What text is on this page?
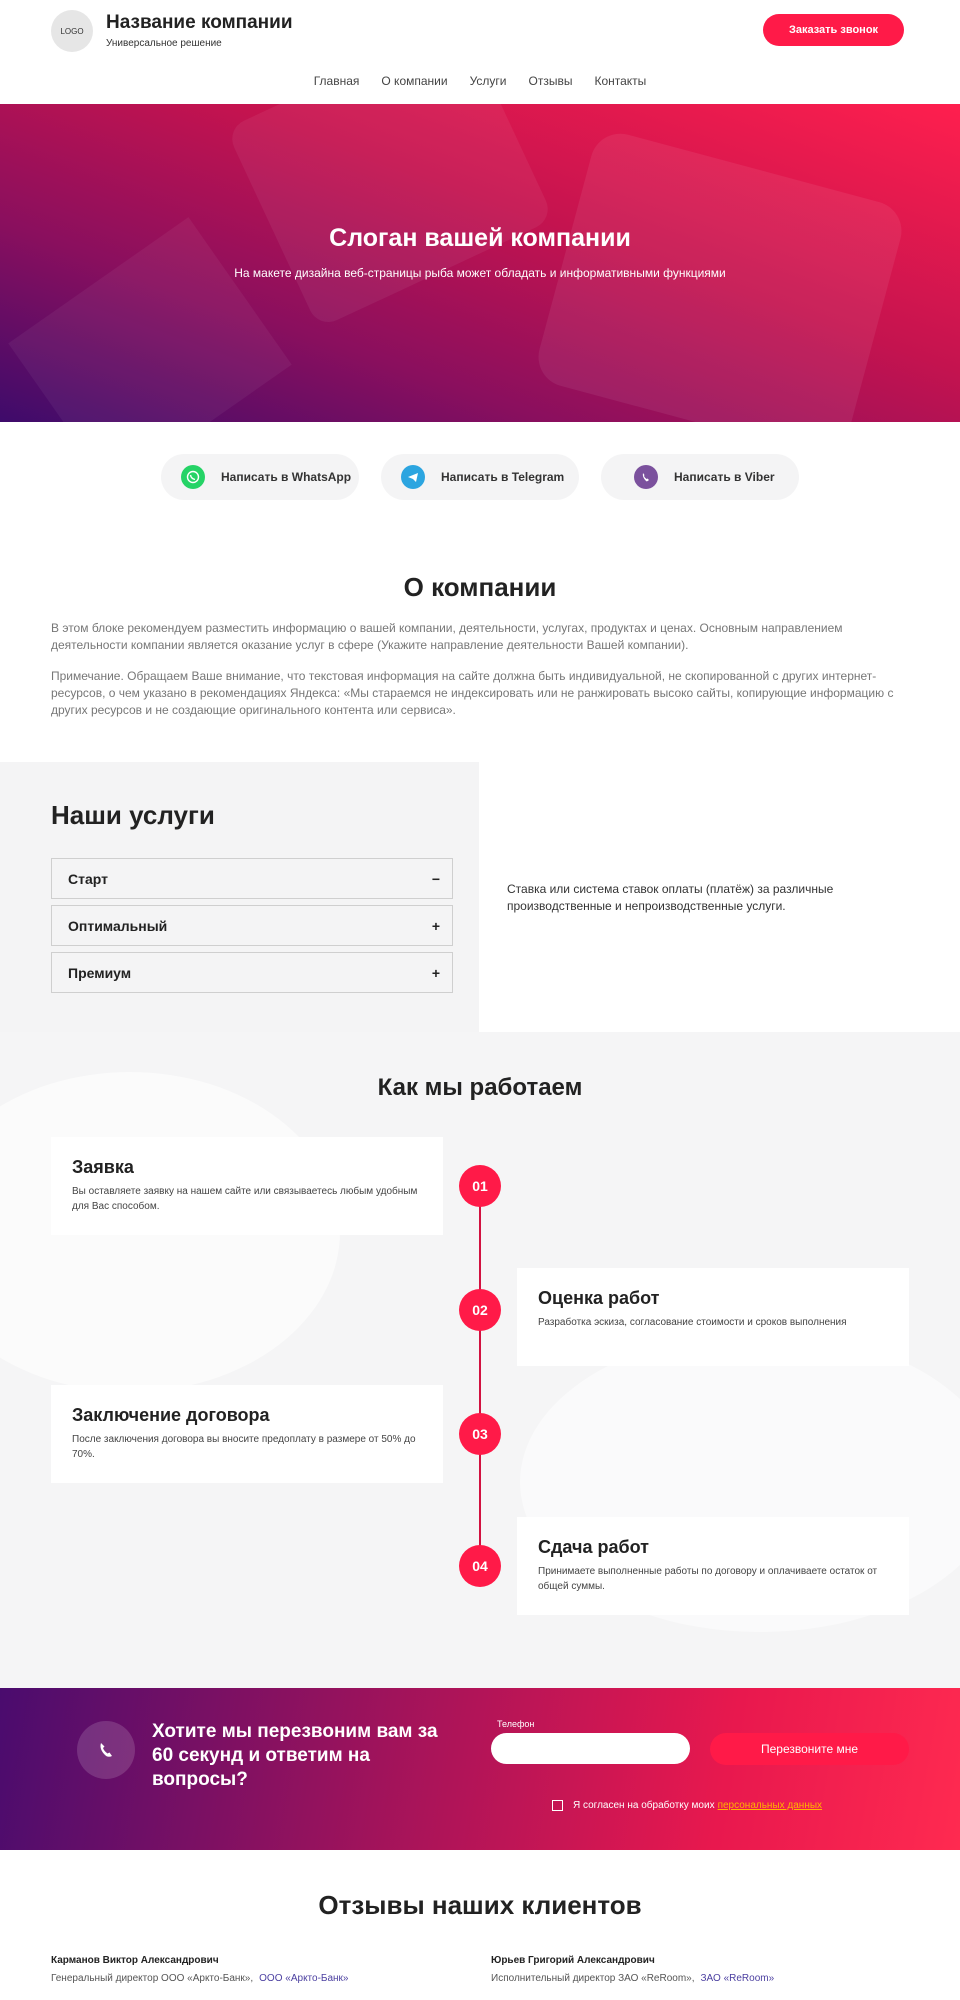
LOGO	Название компании
Универсальное решение
Заказать звонок
Главная О компании Услуги Отзывы Контакты
Слоган вашей компании
На макете дизайна веб-страницы рыба может обладать и информативными функциями
Написать в WhatsApp	Написать в Telegram	Написать в Viber
О компании

В этом блоке рекомендуем разместить информацию о вашей компании, деятельности, услугах, продуктах и ценах. Основным направлением деятельности компании является оказание услуг в сфере (Укажите направление деятельности Вашей компании).

Примечание. Обращаем Ваше внимание, что текстовая информация на сайте должна быть индивидуальной, не скопированной с других интернет-ресурсов, о чем указано в рекомендациях Яндекса: «Мы стараемся не индексировать или не ранжировать высоко сайты, копирующие информацию с других ресурсов и не создающие оригинального контента или сервиса».

Наши услуги
Старт	−
Оптимальный	+
Премиум	+
Ставка или система ставок оплаты (платёж) за различные производственные и непроизводственные услуги.
Как мы работаем
Заявка

Вы оставляете заявку на нашем сайте или связываетесь любым удобным для Вас способом.

01
Оценка работ

Разработка эскиза, согласование стоимости и сроков выполнения

02
Заключение договора

После заключения договора вы вносите предоплату в размере от 50% до 70%.

03
Сдача работ

Принимаете выполненные работы по договору и оплачиваете остаток от общей суммы.

04
Хотите мы перезвоним вам за 60 секунд и ответим на вопросы?
Телефон
Перезвоните мне
Я согласен на обработку моих персональных данных
Отзывы наших клиентов
Карманов Виктор Александрович
Генеральный директор ООО «Аркто-Банк», ООО «Аркто-Банк»
Юрьев Григорий Александрович
Исполнительный директор ЗАО «ReRoom», ЗАО «ReRoom»
